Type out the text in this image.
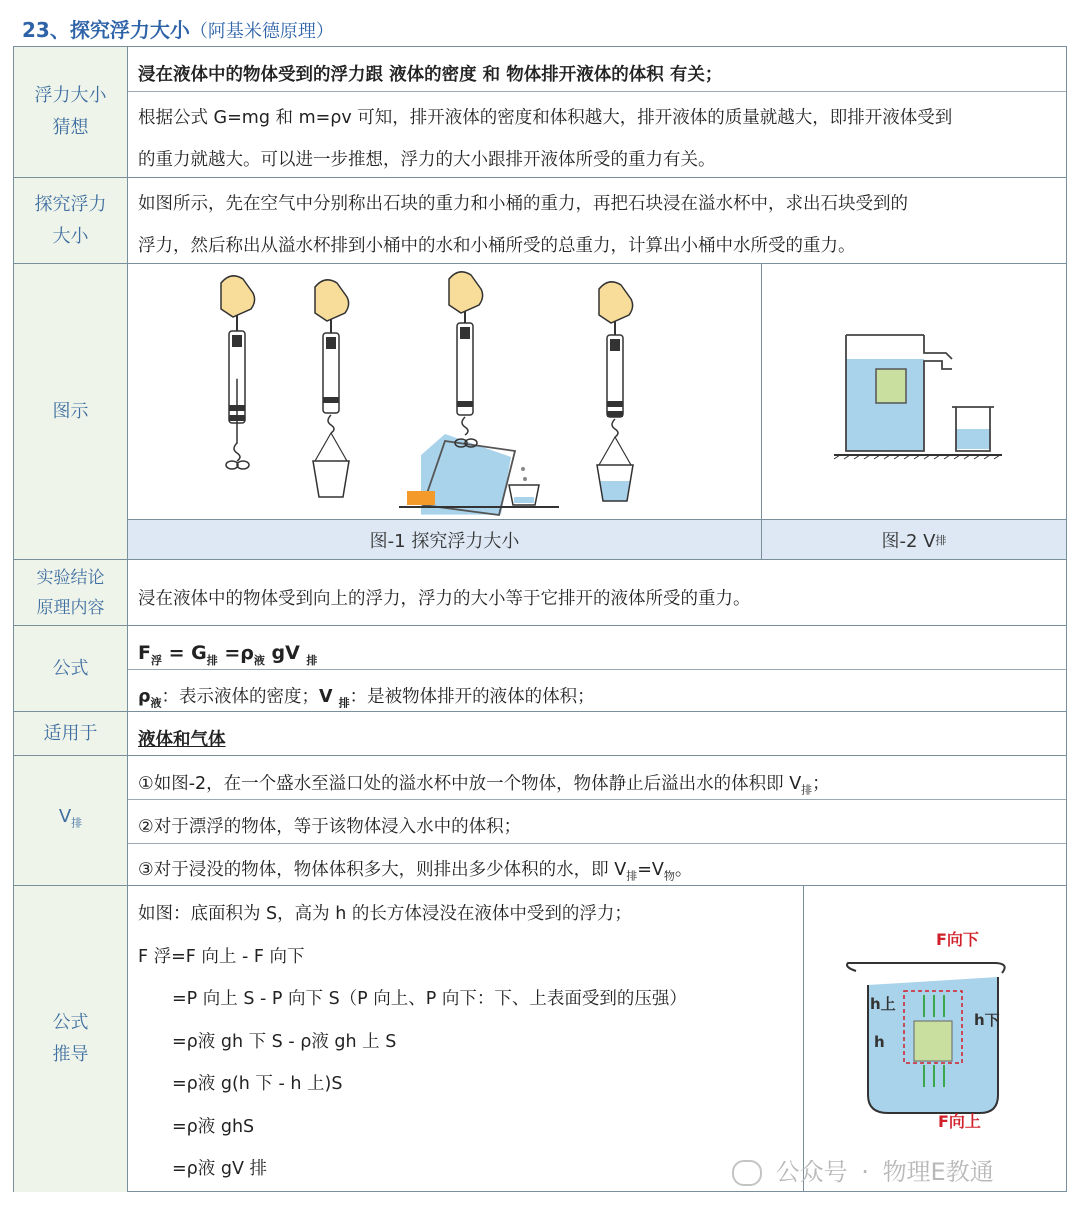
23、探究浮力大小（阿基米德原理）
浮力大小猜想
浸在液体中的物体受到的浮力跟 液体的密度 和 物体排开液体的体积 有关；
根据公式 G=mg 和 m=ρv 可知，排开液体的密度和体积越大，排开液体的质量就越大，即排开液体受到
的重力就越大。可以进一步推想，浮力的大小跟排开液体所受的重力有关。
探究浮力大小
如图所示，先在空气中分别称出石块的重力和小桶的重力，再把石块浸在溢水杯中，求出石块受到的
浮力，然后称出从溢水杯排到小桶中的水和小桶所受的总重力，计算出小桶中水所受的重力。
图示
图-1 探究浮力大小	图-2 V 排
实验结论原理内容	浸在液体中的物体受到向上的浮力，浮力的大小等于它排开的液体所受的重力。
公式
$F_浮 = G_排 =\rho_液$ gV $_排$
$\rho_液$：表示液体的密度；V $_排$：是被物体排开的液体的体积；
适用于 液体和气体
$V_排$
①如图-2，在一个盛水至溢口处的溢水杯中放一个物体，物体静止后溢出水的体积即 $V_排$；
②对于漂浮的物体，等于该物体浸入水中的体积；
③对于浸没的物体，物体体积多大，则排出多少体积的水，即 $V_排=V_物$。
公式推导
如图：底面积为 S，高为 h 的长方体浸没在液体中受到的浮力；
F 浮=F 向上 - F 向下
=P 向上 S - P 向下 S（P 向上、P 向下：下、上表面受到的压强）
=ρ液 gh 下 S - ρ液 gh 上 S
=ρ液 g(h 下 - h 上)S
=ρ液 ghS
=ρ液 gV 排
F向下
F向上
h上
h下
h
公众号 · 物理E教通
